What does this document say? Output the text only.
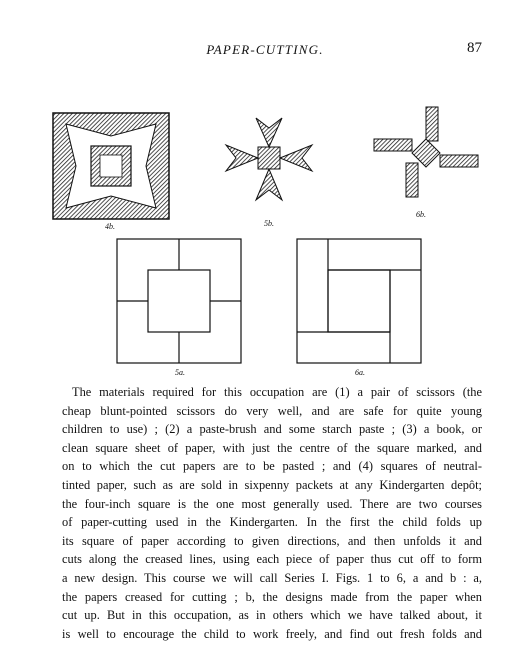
PAPER-CUTTING.	87
4b.	5b.
6b.
5a.	6a.
The materials required for this occupation are (1) a pair of scissors (the
cheap blunt-pointed scissors do very well, and are safe for quite young
children to use) ; (2) a paste-brush and some starch paste ; (3) a book, or
clean square sheet of paper, with just the centre of the square marked, and
on to which the cut papers are to be pasted ; and (4) squares of neutral-
tinted paper, such as are sold in sixpenny packets at any Kindergarten depôt;
the four-inch square is the one most generally used. There are two courses
of paper-cutting used in the Kindergarten. In the first the child folds up
its square of paper according to given directions, and then unfolds it and
cuts along the creased lines, using each piece of paper thus cut off to form
a new design. This course we will call Series I. Figs. 1 to 6, a and b : a,
the papers creased for cutting ; b, the designs made from the paper when
cut up. But in this occupation, as in others which we have talked about, it
is well to encourage the child to work freely, and find out fresh folds and
